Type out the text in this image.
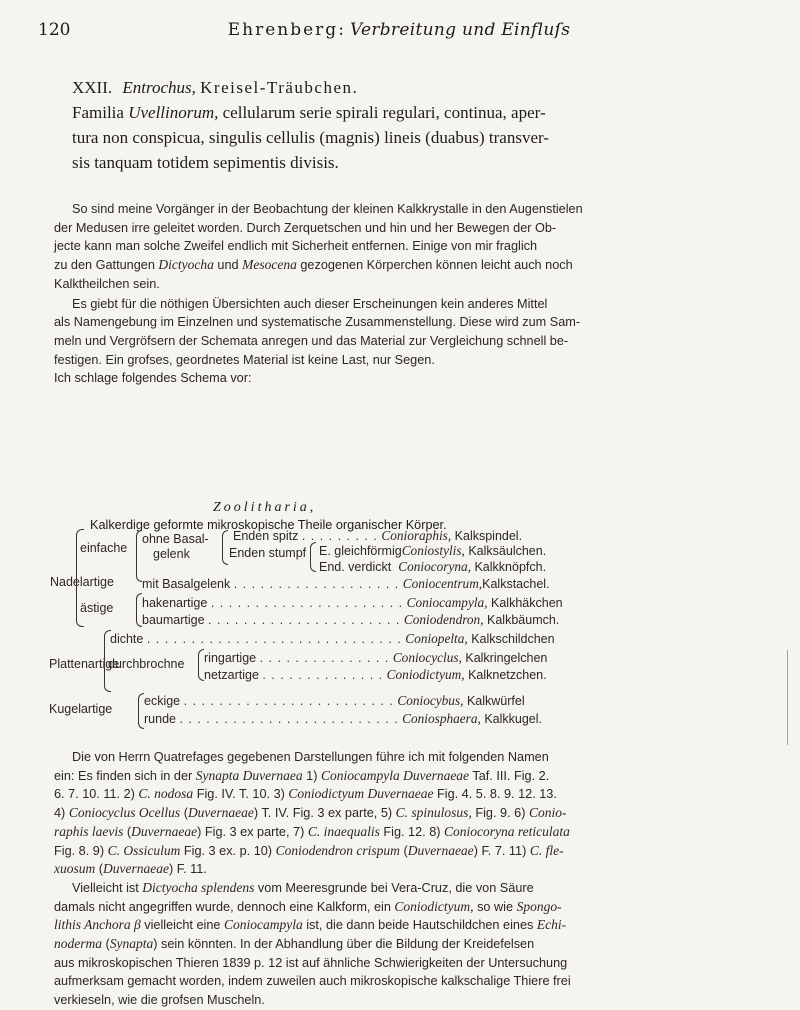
120	Ehrenberg: Verbreitung und Einfluſs
XXII. Entrochus, Kreisel-Träubchen.
Familia Uvellinorum, cellularum serie spirali regulari, continua, aper-
tura non conspicua, singulis cellulis (magnis) lineis (duabus) transver-
sis tanquam totidem sepimentis divisis.

So sind meine Vorgänger in der Beobachtung der kleinen Kalkkrystalle in den Augenstielen
der Medusen irre geleitet worden. Durch Zerquetschen und hin und her Bewegen der Ob-
jecte kann man solche Zweifel endlich mit Sicherheit entfernen. Einige von mir fraglich
zu den Gattungen Dictyocha und Mesocena gezogenen Körperchen können leicht auch noch
Kalktheilchen sein.

Es giebt für die nöthigen Übersichten auch dieser Erscheinungen kein anderes Mittel
als Namengebung im Einzelnen und systematische Zusammenstellung. Diese wird zum Sam-
meln und Vergröfsern der Schemata anregen und das Material zur Vergleichung schnell be-
festigen. Ein grofses, geordnetes Material ist keine Last, nur Segen.
Ich schlage folgendes Schema vor:

Zoolitharia,
Kalkerdige geformte mikroskopische Theile organischer Körper.
Nadelartige
einfache
ästige
Plattenartige
durchbrochne
Kugelartige
ohne Basal-
gelenk	Enden stumpf
Enden spitz . . . . . . . . . Conioraphis, Kalkspindel.
E. gleichförmigConiostylis, Kalksäulchen.
End. verdickt Coniocoryna, Kalkknöpfch.
mit Basalgelenk . . . . . . . . . . . . . . . . . . . Coniocentrum,Kalkstachel.
hakenartige . . . . . . . . . . . . . . . . . . . . . . Coniocampyla, Kalkhäkchen
baumartige . . . . . . . . . . . . . . . . . . . . . . Coniodendron, Kalkbäumch.
dichte . . . . . . . . . . . . . . . . . . . . . . . . . . . . . Coniopelta, Kalkschildchen
ringartige . . . . . . . . . . . . . . . Coniocyclus, Kalkringelchen
netzartige . . . . . . . . . . . . . . Coniodictyum, Kalknetzchen.
eckige . . . . . . . . . . . . . . . . . . . . . . . . Coniocybus, Kalkwürfel
runde . . . . . . . . . . . . . . . . . . . . . . . . . Coniosphaera, Kalkkugel.

Die von Herrn Quatrefages gegebenen Darstellungen führe ich mit folgenden Namen
ein: Es finden sich in der Synapta Duvernaea 1) Coniocampyla Duvernaeae Taf. III. Fig. 2.
6. 7. 10. 11. 2) C. nodosa Fig. IV. T. 10. 3) Coniodictyum Duvernaeae Fig. 4. 5. 8. 9. 12. 13.
4) Coniocyclus Ocellus (Duvernaeae) T. IV. Fig. 3 ex parte, 5) C. spinulosus, Fig. 9. 6) Conio-
raphis laevis (Duvernaeae) Fig. 3 ex parte, 7) C. inaequalis Fig. 12. 8) Coniocoryna reticulata
Fig. 8. 9) C. Ossiculum Fig. 3 ex. p. 10) Coniodendron crispum (Duvernaeae) F. 7. 11) C. fle-
xuosum (Duvernaeae) F. 11.

Vielleicht ist Dictyocha splendens vom Meeresgrunde bei Vera-Cruz, die von Säure
damals nicht angegriffen wurde, dennoch eine Kalkform, ein Coniodictyum, so wie Spongo-
lithis Anchora β vielleicht eine Coniocampyla ist, die dann beide Hautschildchen eines Echi-
noderma (Synapta) sein könnten. In der Abhandlung über die Bildung der Kreidefelsen
aus mikroskopischen Thieren 1839 p. 12 ist auf ähnliche Schwierigkeiten der Untersuchung
aufmerksam gemacht worden, indem zuweilen auch mikroskopische kalkschalige Thiere frei
verkieseln, wie die grofsen Muscheln.
